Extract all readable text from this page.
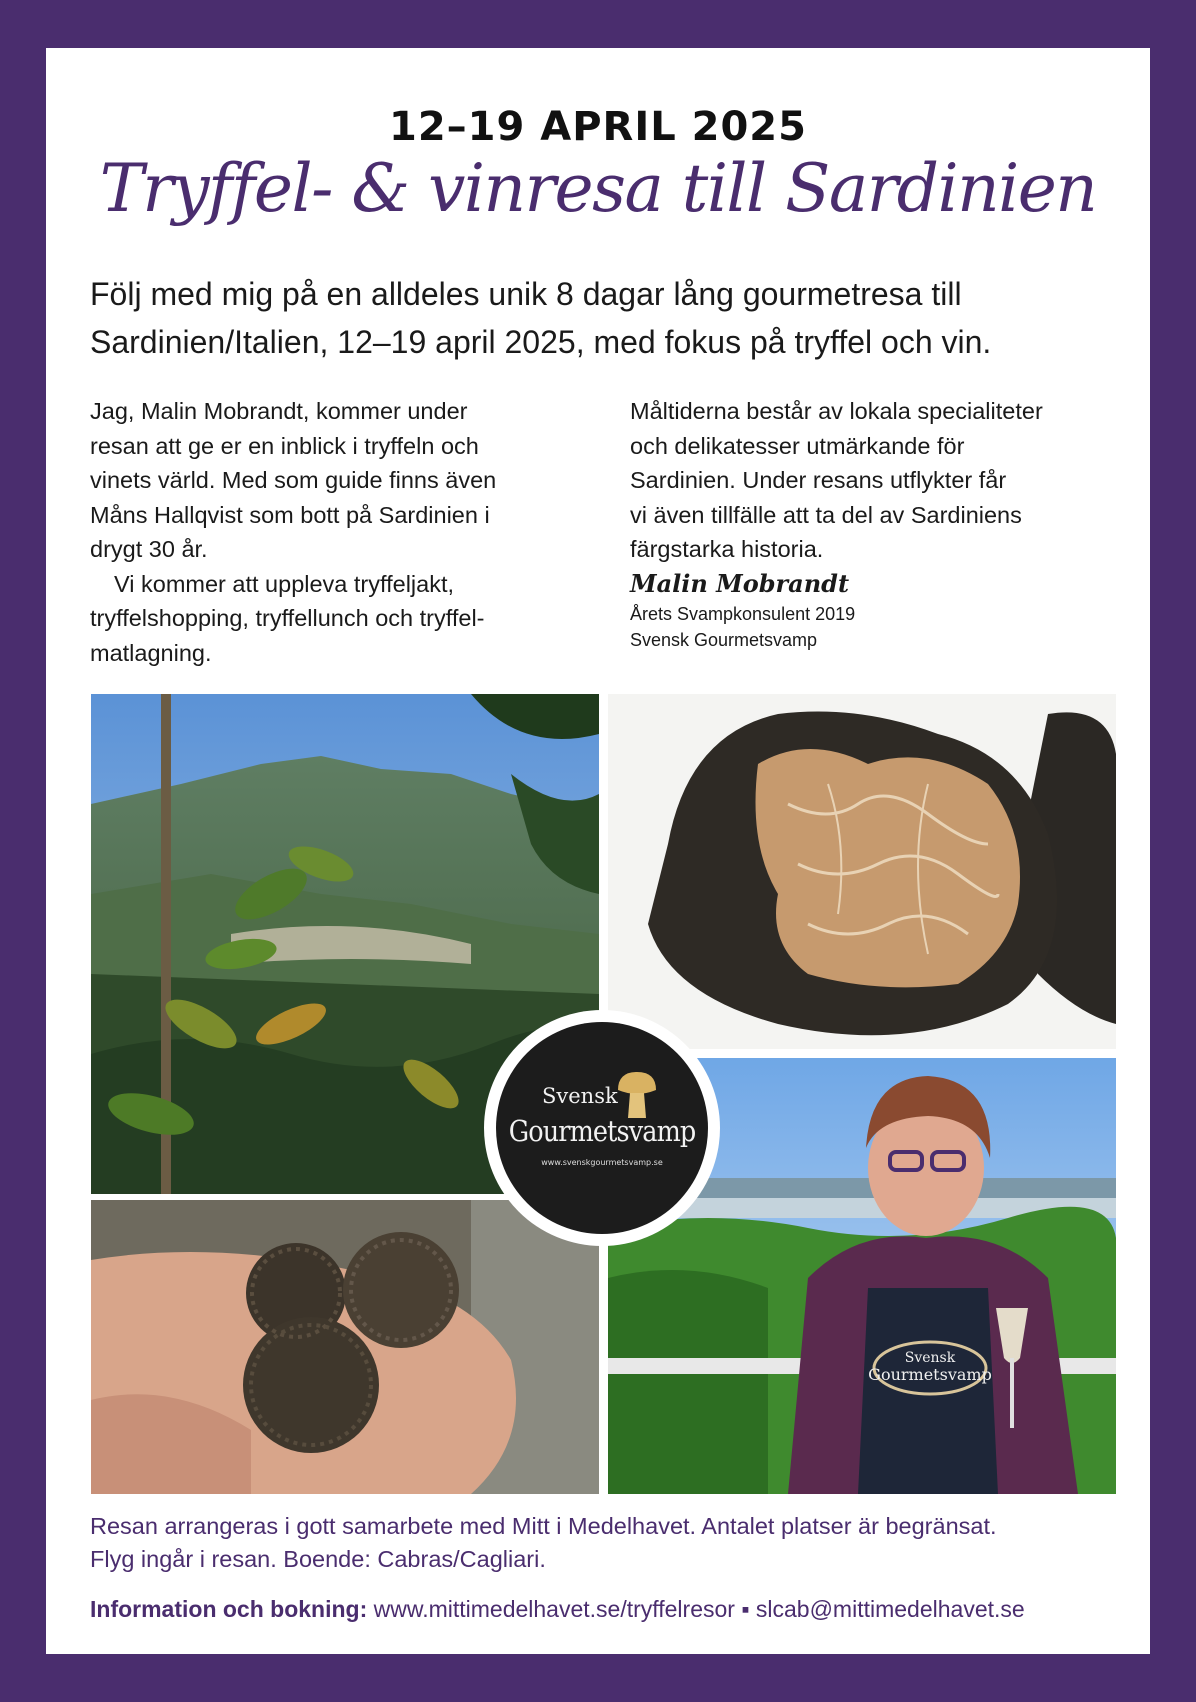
12–19 APRIL 2025
Tryffel- & vinresa till Sardinien

Följ med mig på en alldeles unik 8 dagar lång gourmetresa till

Sardinien/Italien, 12–19 april 2025, med fokus på tryffel och vin.

Jag, Malin Mobrandt, kommer under

resan att ge er en inblick i tryffeln och

vinets värld. Med som guide finns även

Måns Hallqvist som bott på Sardinien i

drygt 30 år.

Vi kommer att uppleva tryffeljakt,

tryffelshopping, tryffellunch och tryffel-

matlagning.

Måltiderna består av lokala specialiteter

och delikatesser utmärkande för

Sardinien. Under resans utflykter får

vi även tillfälle att ta del av Sardiniens

färgstarka historia.

Malin Mobrandt

Årets Svampkonsulent 2019

Svensk Gourmetsvamp

Svensk
Gourmetsvamp
Svensk
Gourmetsvamp
www.svenskgourmetsvamp.se

Resan arrangeras i gott samarbete med Mitt i Medelhavet. Antalet platser är begränsat.

Flyg ingår i resan. Boende: Cabras/Cagliari.

Information och bokning: www.mittimedelhavet.se/tryffelresor ▪ slcab@mittimedelhavet.se
